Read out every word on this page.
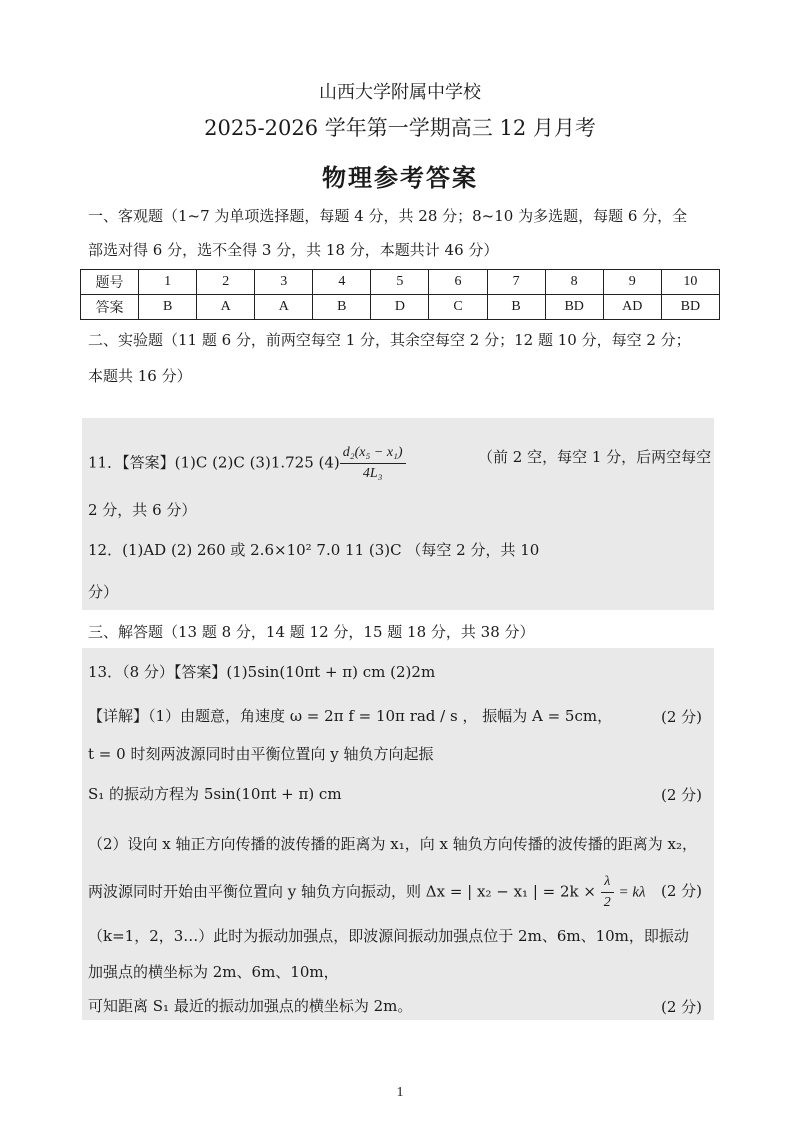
山西大学附属中学校
2025-2026 学年第一学期高三 12 月月考
物理参考答案
一、客观题（1~7 为单项选择题，每题 4 分，共 28 分；8~10 为多选题，每题 6 分，全
部选对得 6 分，选不全得 3 分，共 18 分，本题共计 46 分）
题号	1	2	3	4	5	6	7	8	9	10
答案	B	A	A	B	D	C	B	BD	AD	BD
二、实验题（11 题 6 分，前两空每空 1 分，其余空每空 2 分；12 题 10 分，每空 2 分；
本题共 16 分）
11．【答案】(1)C (2)C (3)1.725 $(4) \frac{\text{d₂(x₅ − x₁)}}{\text{4L₃}}$	（前 2 空，每空 1 分，后两空每空
2 分，共 6 分）
12．(1)AD (2) 260 或 2.6×10² 7.0 11 (3)C （每空 2 分，共 10
分）
三、解答题（13 题 8 分，14 题 12 分，15 题 18 分，共 38 分）
13．（8 分）【答案】(1)5sin(10πt + π) cm (2)2m
【详解】（1）由题意，角速度 ω = 2π f = 10π rad / s ， 振幅为 A = 5cm，	(2 分)
t = 0 时刻两波源同时由平衡位置向 y 轴负方向起振
S₁ 的振动方程为 5sin(10πt + π) cm	(2 分)
（2）设向 x 轴正方向传播的波传播的距离为 x₁，向 x 轴负方向传播的波传播的距离为 x₂，
两波源同时开始由平衡位置向 y 轴负方向振动，则 Δx = | x₂ − x₁ | = $2k \times \frac{\lambda}{2} = k\lambda$ (2 分)
（k=1，2，3…）此时为振动加强点，即波源间振动加强点位于 2m、6m、10m，即振动
加强点的横坐标为 2m、6m、10m，
可知距离 S₁ 最近的振动加强点的横坐标为 2m。	(2 分)
1
